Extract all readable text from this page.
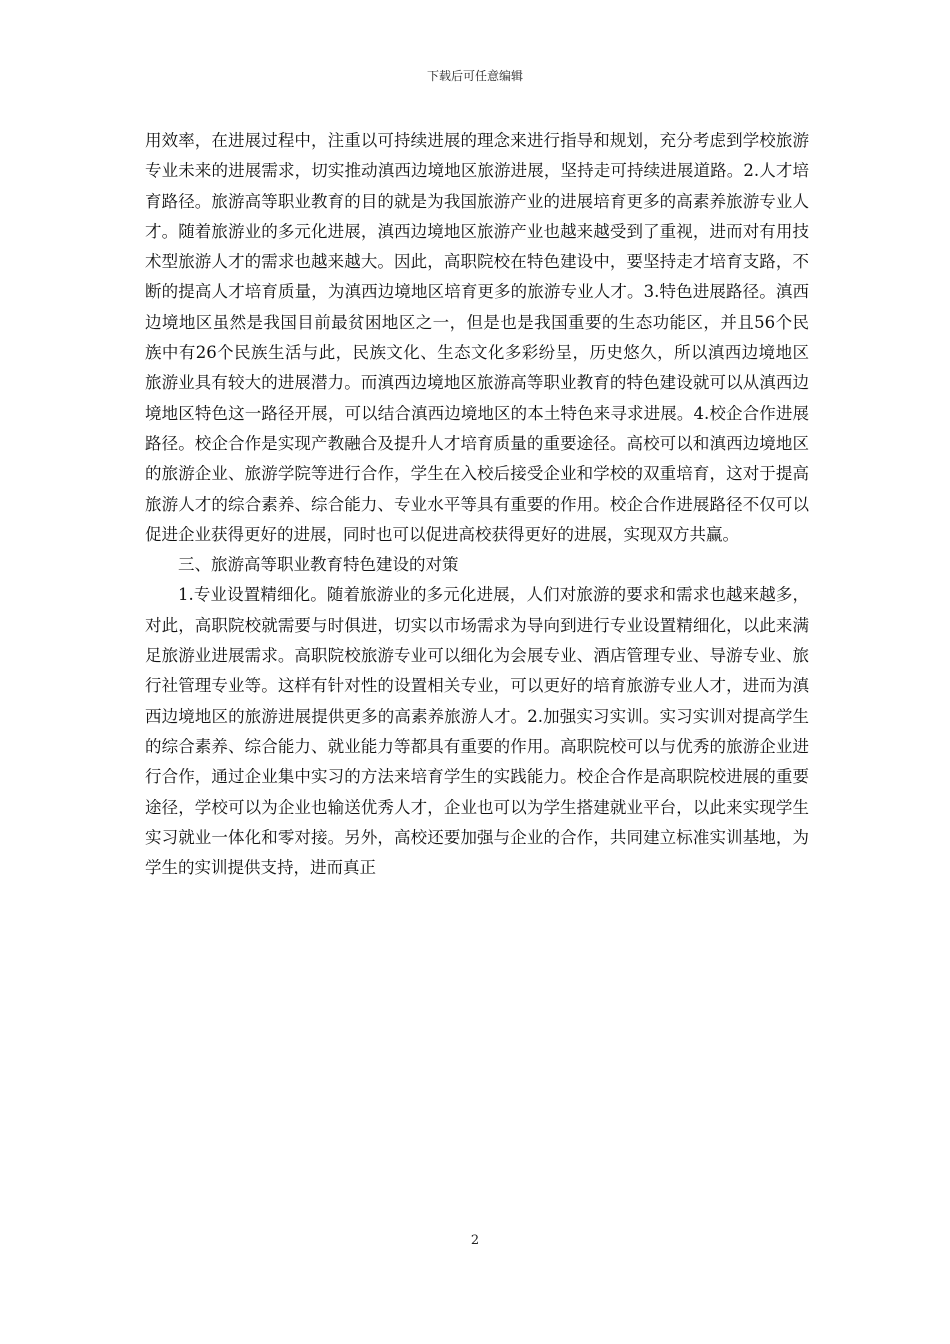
下载后可任意编辑

用效率，在进展过程中，注重以可持续进展的理念来进行指导和规划，充分考虑到学校旅游专业未来的进展需求，切实推动滇西边境地区旅游进展，坚持走可持续进展道路。2.人才培育路径。旅游高等职业教育的目的就是为我国旅游产业的进展培育更多的高素养旅游专业人才。随着旅游业的多元化进展，滇西边境地区旅游产业也越来越受到了重视，进而对有用技术型旅游人才的需求也越来越大。因此，高职院校在特色建设中，要坚持走才培育支路，不断的提高人才培育质量，为滇西边境地区培育更多的旅游专业人才。3.特色进展路径。滇西边境地区虽然是我国目前最贫困地区之一，但是也是我国重要的生态功能区，并且56个民族中有26个民族生活与此，民族文化、生态文化多彩纷呈，历史悠久，所以滇西边境地区旅游业具有较大的进展潜力。而滇西边境地区旅游高等职业教育的特色建设就可以从滇西边境地区特色这一路径开展，可以结合滇西边境地区的本土特色来寻求进展。4.校企合作进展路径。校企合作是实现产教融合及提升人才培育质量的重要途径。高校可以和滇西边境地区的旅游企业、旅游学院等进行合作，学生在入校后接受企业和学校的双重培育，这对于提高旅游人才的综合素养、综合能力、专业水平等具有重要的作用。校企合作进展路径不仅可以促进企业获得更好的进展，同时也可以促进高校获得更好的进展，实现双方共赢。

三、旅游高等职业教育特色建设的对策

1.专业设置精细化。随着旅游业的多元化进展，人们对旅游的要求和需求也越来越多，对此，高职院校就需要与时俱进，切实以市场需求为导向到进行专业设置精细化，以此来满足旅游业进展需求。高职院校旅游专业可以细化为会展专业、酒店管理专业、导游专业、旅行社管理专业等。这样有针对性的设置相关专业，可以更好的培育旅游专业人才，进而为滇西边境地区的旅游进展提供更多的高素养旅游人才。2.加强实习实训。实习实训对提高学生的综合素养、综合能力、就业能力等都具有重要的作用。高职院校可以与优秀的旅游企业进行合作，通过企业集中实习的方法来培育学生的实践能力。校企合作是高职院校进展的重要途径，学校可以为企业也输送优秀人才，企业也可以为学生搭建就业平台，以此来实现学生实习就业一体化和零对接。另外，高校还要加强与企业的合作，共同建立标准实训基地，为学生的实训提供支持，进而真正

2
